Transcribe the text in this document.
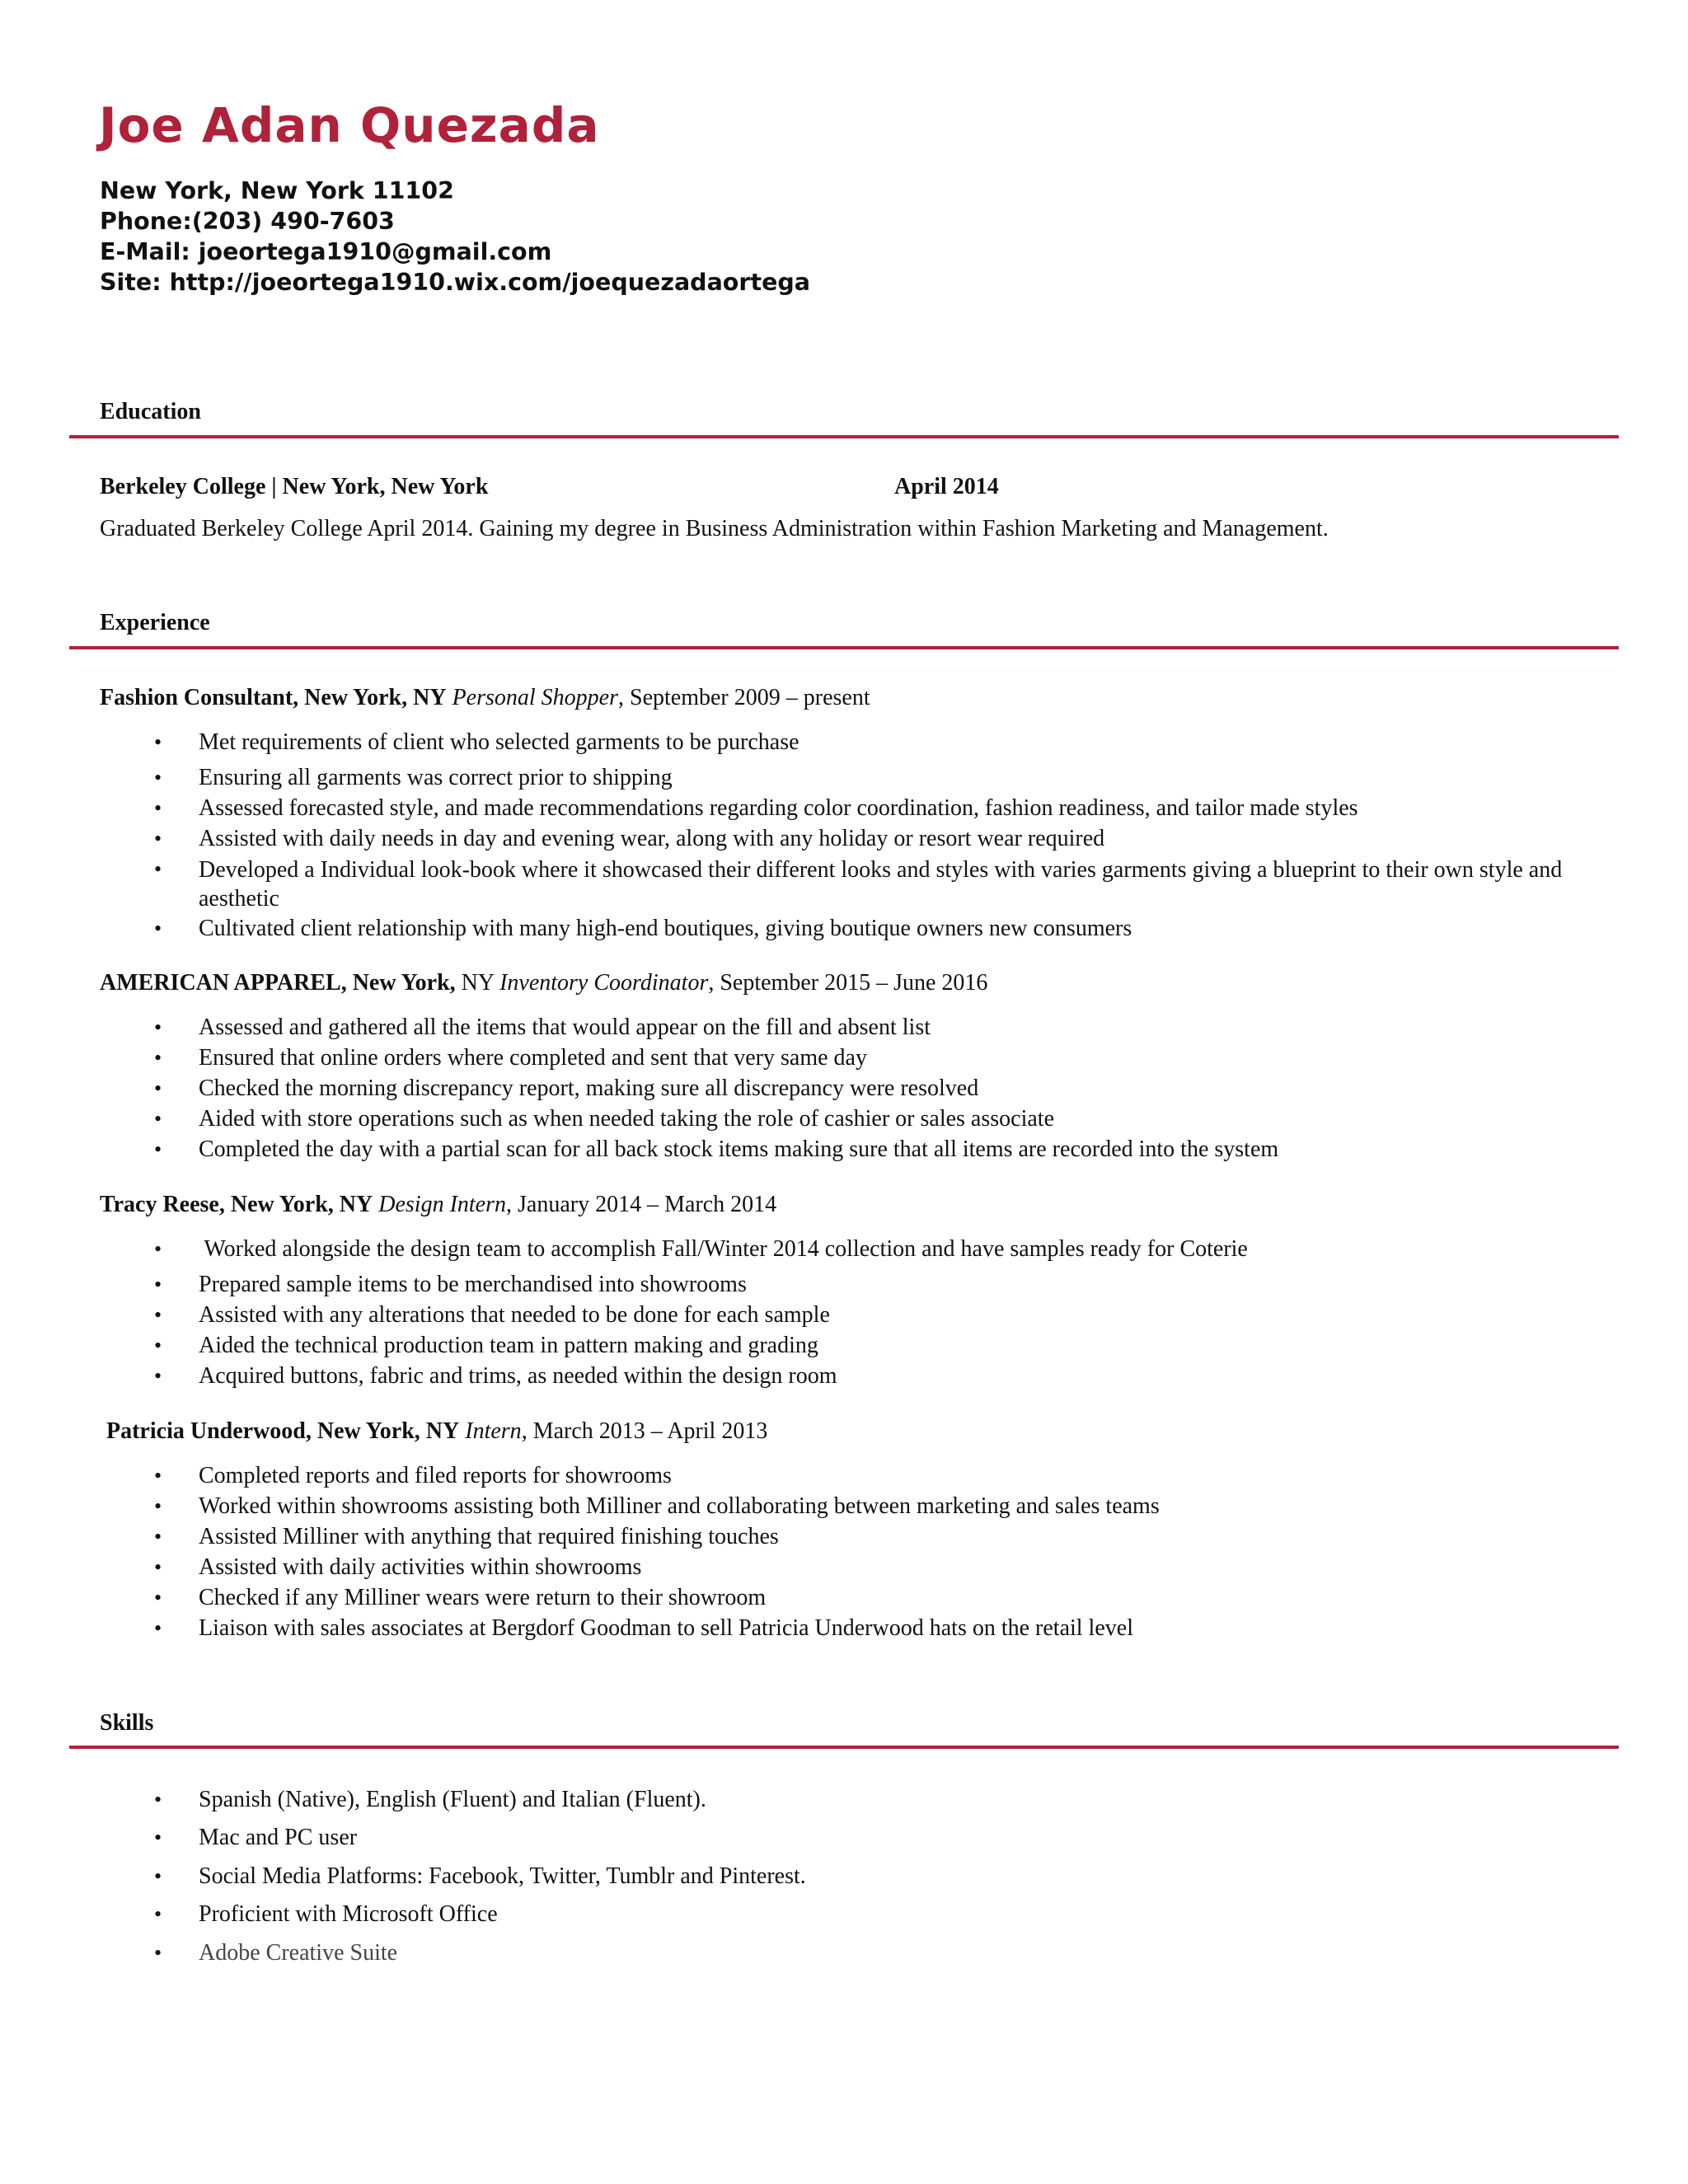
Joe Adan Quezada
New York, New York 11102
Phone:(203) 490-7603
E-Mail: joeortega1910@gmail.com
Site: http://joeortega1910.wix.com/joequezadaortega
Education
Berkeley College | New York, New York	April 2014
Graduated Berkeley College April 2014. Gaining my degree in Business Administration within Fashion Marketing and Management.
Experience
Fashion Consultant, New York, NY Personal Shopper, September 2009 – present
• Met requirements of client who selected garments to be purchase
• Ensuring all garments was correct prior to shipping
• Assessed forecasted style, and made recommendations regarding color coordination, fashion readiness, and tailor made styles
• Assisted with daily needs in day and evening wear, along with any holiday or resort wear required
• Developed a Individual look-book where it showcased their different looks and styles with varies garments giving a blueprint to their own style and aesthetic
• Cultivated client relationship with many high-end boutiques, giving boutique owners new consumers
AMERICAN APPAREL, New York, NY Inventory Coordinator, September 2015 – June 2016
• Assessed and gathered all the items that would appear on the fill and absent list
• Ensured that online orders where completed and sent that very same day
• Checked the morning discrepancy report, making sure all discrepancy were resolved
• Aided with store operations such as when needed taking the role of cashier or sales associate
• Completed the day with a partial scan for all back stock items making sure that all items are recorded into the system
Tracy Reese, New York, NY Design Intern, January 2014 – March 2014
• Worked alongside the design team to accomplish Fall/Winter 2014 collection and have samples ready for Coterie
• Prepared sample items to be merchandised into showrooms
• Assisted with any alterations that needed to be done for each sample
• Aided the technical production team in pattern making and grading
• Acquired buttons, fabric and trims, as needed within the design room
Patricia Underwood, New York, NY Intern, March 2013 – April 2013
• Completed reports and filed reports for showrooms
• Worked within showrooms assisting both Milliner and collaborating between marketing and sales teams
• Assisted Milliner with anything that required finishing touches
• Assisted with daily activities within showrooms
• Checked if any Milliner wears were return to their showroom
• Liaison with sales associates at Bergdorf Goodman to sell Patricia Underwood hats on the retail level
Skills
• Spanish (Native), English (Fluent) and Italian (Fluent).
• Mac and PC user
• Social Media Platforms: Facebook, Twitter, Tumblr and Pinterest.
• Proficient with Microsoft Office
• Adobe Creative Suite
